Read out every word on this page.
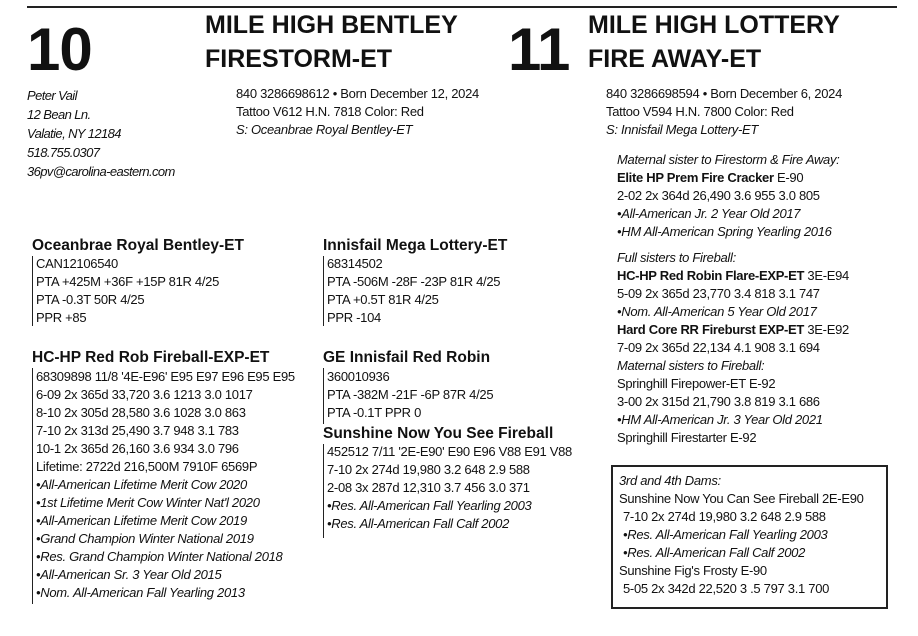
10	MILE HIGH BENTLEY
FIRESTORM-ET
840 3286698612 • Born December 12, 2024
Tattoo V612 H.N. 7818 Color: Red
S: Oceanbrae Royal Bentley-ET
Peter Vail
12 Bean Ln.
Valatie, NY 12184
518.755.0307
36pv@carolina-eastern.com
11 MILE HIGH LOTTERY
FIRE AWAY-ET
840 3286698594 • Born December 6, 2024
Tattoo V594 H.N. 7800 Color: Red
S: Innisfail Mega Lottery-ET
Oceanbrae Royal Bentley-ET
CAN12106540
PTA +425M +36F +15P 81R 4/25
PTA -0.3T 50R 4/25
PPR +85
Innisfail Mega Lottery-ET
68314502
PTA -506M -28F -23P 81R 4/25
PTA +0.5T 81R 4/25
PPR -104
HC-HP Red Rob Fireball-EXP-ET
68309898 11/8 '4E-E96' E95 E97 E96 E95 E95
6-09 2x 365d 33,720 3.6 1213 3.0 1017
8-10 2x 305d 28,580 3.6 1028 3.0 863
7-10 2x 313d 25,490 3.7 948 3.1 783
10-1 2x 365d 26,160 3.6 934 3.0 796
Lifetime: 2722d 216,500M 7910F 6569P
•All-American Lifetime Merit Cow 2020
•1st Lifetime Merit Cow Winter Nat'l 2020
•All-American Lifetime Merit Cow 2019
•Grand Champion Winter National 2019
•Res. Grand Champion Winter National 2018
•All-American Sr. 3 Year Old 2015
•Nom. All-American Fall Yearling 2013
GE Innisfail Red Robin
360010936
PTA -382M -21F -6P 87R 4/25
PTA -0.1T PPR 0
Sunshine Now You See Fireball
452512 7/11 '2E-E90' E90 E96 V88 E91 V88
7-10 2x 274d 19,980 3.2 648 2.9 588
2-08 3x 287d 12,310 3.7 456 3.0 371
•Res. All-American Fall Yearling 2003
•Res. All-American Fall Calf 2002
Maternal sister to Firestorm & Fire Away:
Elite HP Prem Fire Cracker E-90
2-02 2x 364d 26,490 3.6 955 3.0 805
•All-American Jr. 2 Year Old 2017
•HM All-American Spring Yearling 2016
Full sisters to Fireball:
HC-HP Red Robin Flare-EXP-ET 3E-E94
5-09 2x 365d 23,770 3.4 818 3.1 747
•Nom. All-American 5 Year Old 2017
Hard Core RR Fireburst EXP-ET 3E-E92
7-09 2x 365d 22,134 4.1 908 3.1 694
Maternal sisters to Fireball:
Springhill Firepower-ET E-92
3-00 2x 315d 21,790 3.8 819 3.1 686
•HM All-American Jr. 3 Year Old 2021
Springhill Firestarter E-92
3rd and 4th Dams:
Sunshine Now You Can See Fireball 2E-E90
7-10 2x 274d 19,980 3.2 648 2.9 588
•Res. All-American Fall Yearling 2003
•Res. All-American Fall Calf 2002
Sunshine Fig's Frosty E-90
5-05 2x 342d 22,520 3 .5 797 3.1 700
